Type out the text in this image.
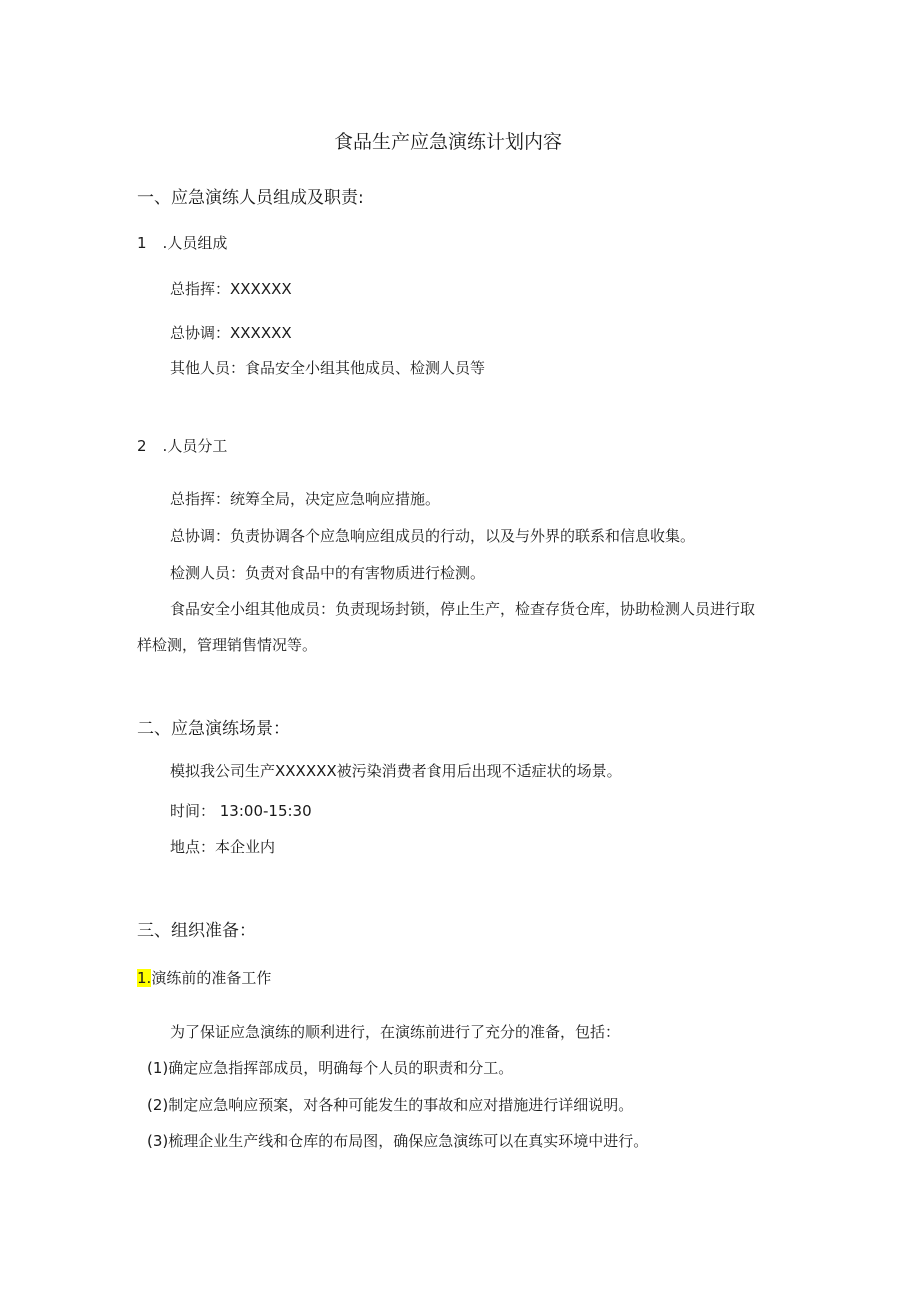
食品生产应急演练计划内容
一、应急演练人员组成及职责:
1 .人员组成
总指挥：XXXXXX
总协调：XXXXXX
其他人员：食品安全小组其他成员、检测人员等
2 .人员分工
总指挥：统筹全局，决定应急响应措施。
总协调：负责协调各个应急响应组成员的行动，以及与外界的联系和信息收集。
检测人员：负责对食品中的有害物质进行检测。
食品安全小组其他成员：负责现场封锁，停止生产，检查存货仓库，协助检测人员进行取
样检测，管理销售情况等。
二、应急演练场景：
模拟我公司生产XXXXXX被污染消费者食用后出现不适症状的场景。
时间： 13:00-15:30
地点：本企业内
三、组织准备：
1.演练前的准备工作
为了保证应急演练的顺利进行，在演练前进行了充分的准备，包括：
(1)确定应急指挥部成员，明确每个人员的职责和分工。
(2)制定应急响应预案，对各种可能发生的事故和应对措施进行详细说明。
(3)梳理企业生产线和仓库的布局图，确保应急演练可以在真实环境中进行。
